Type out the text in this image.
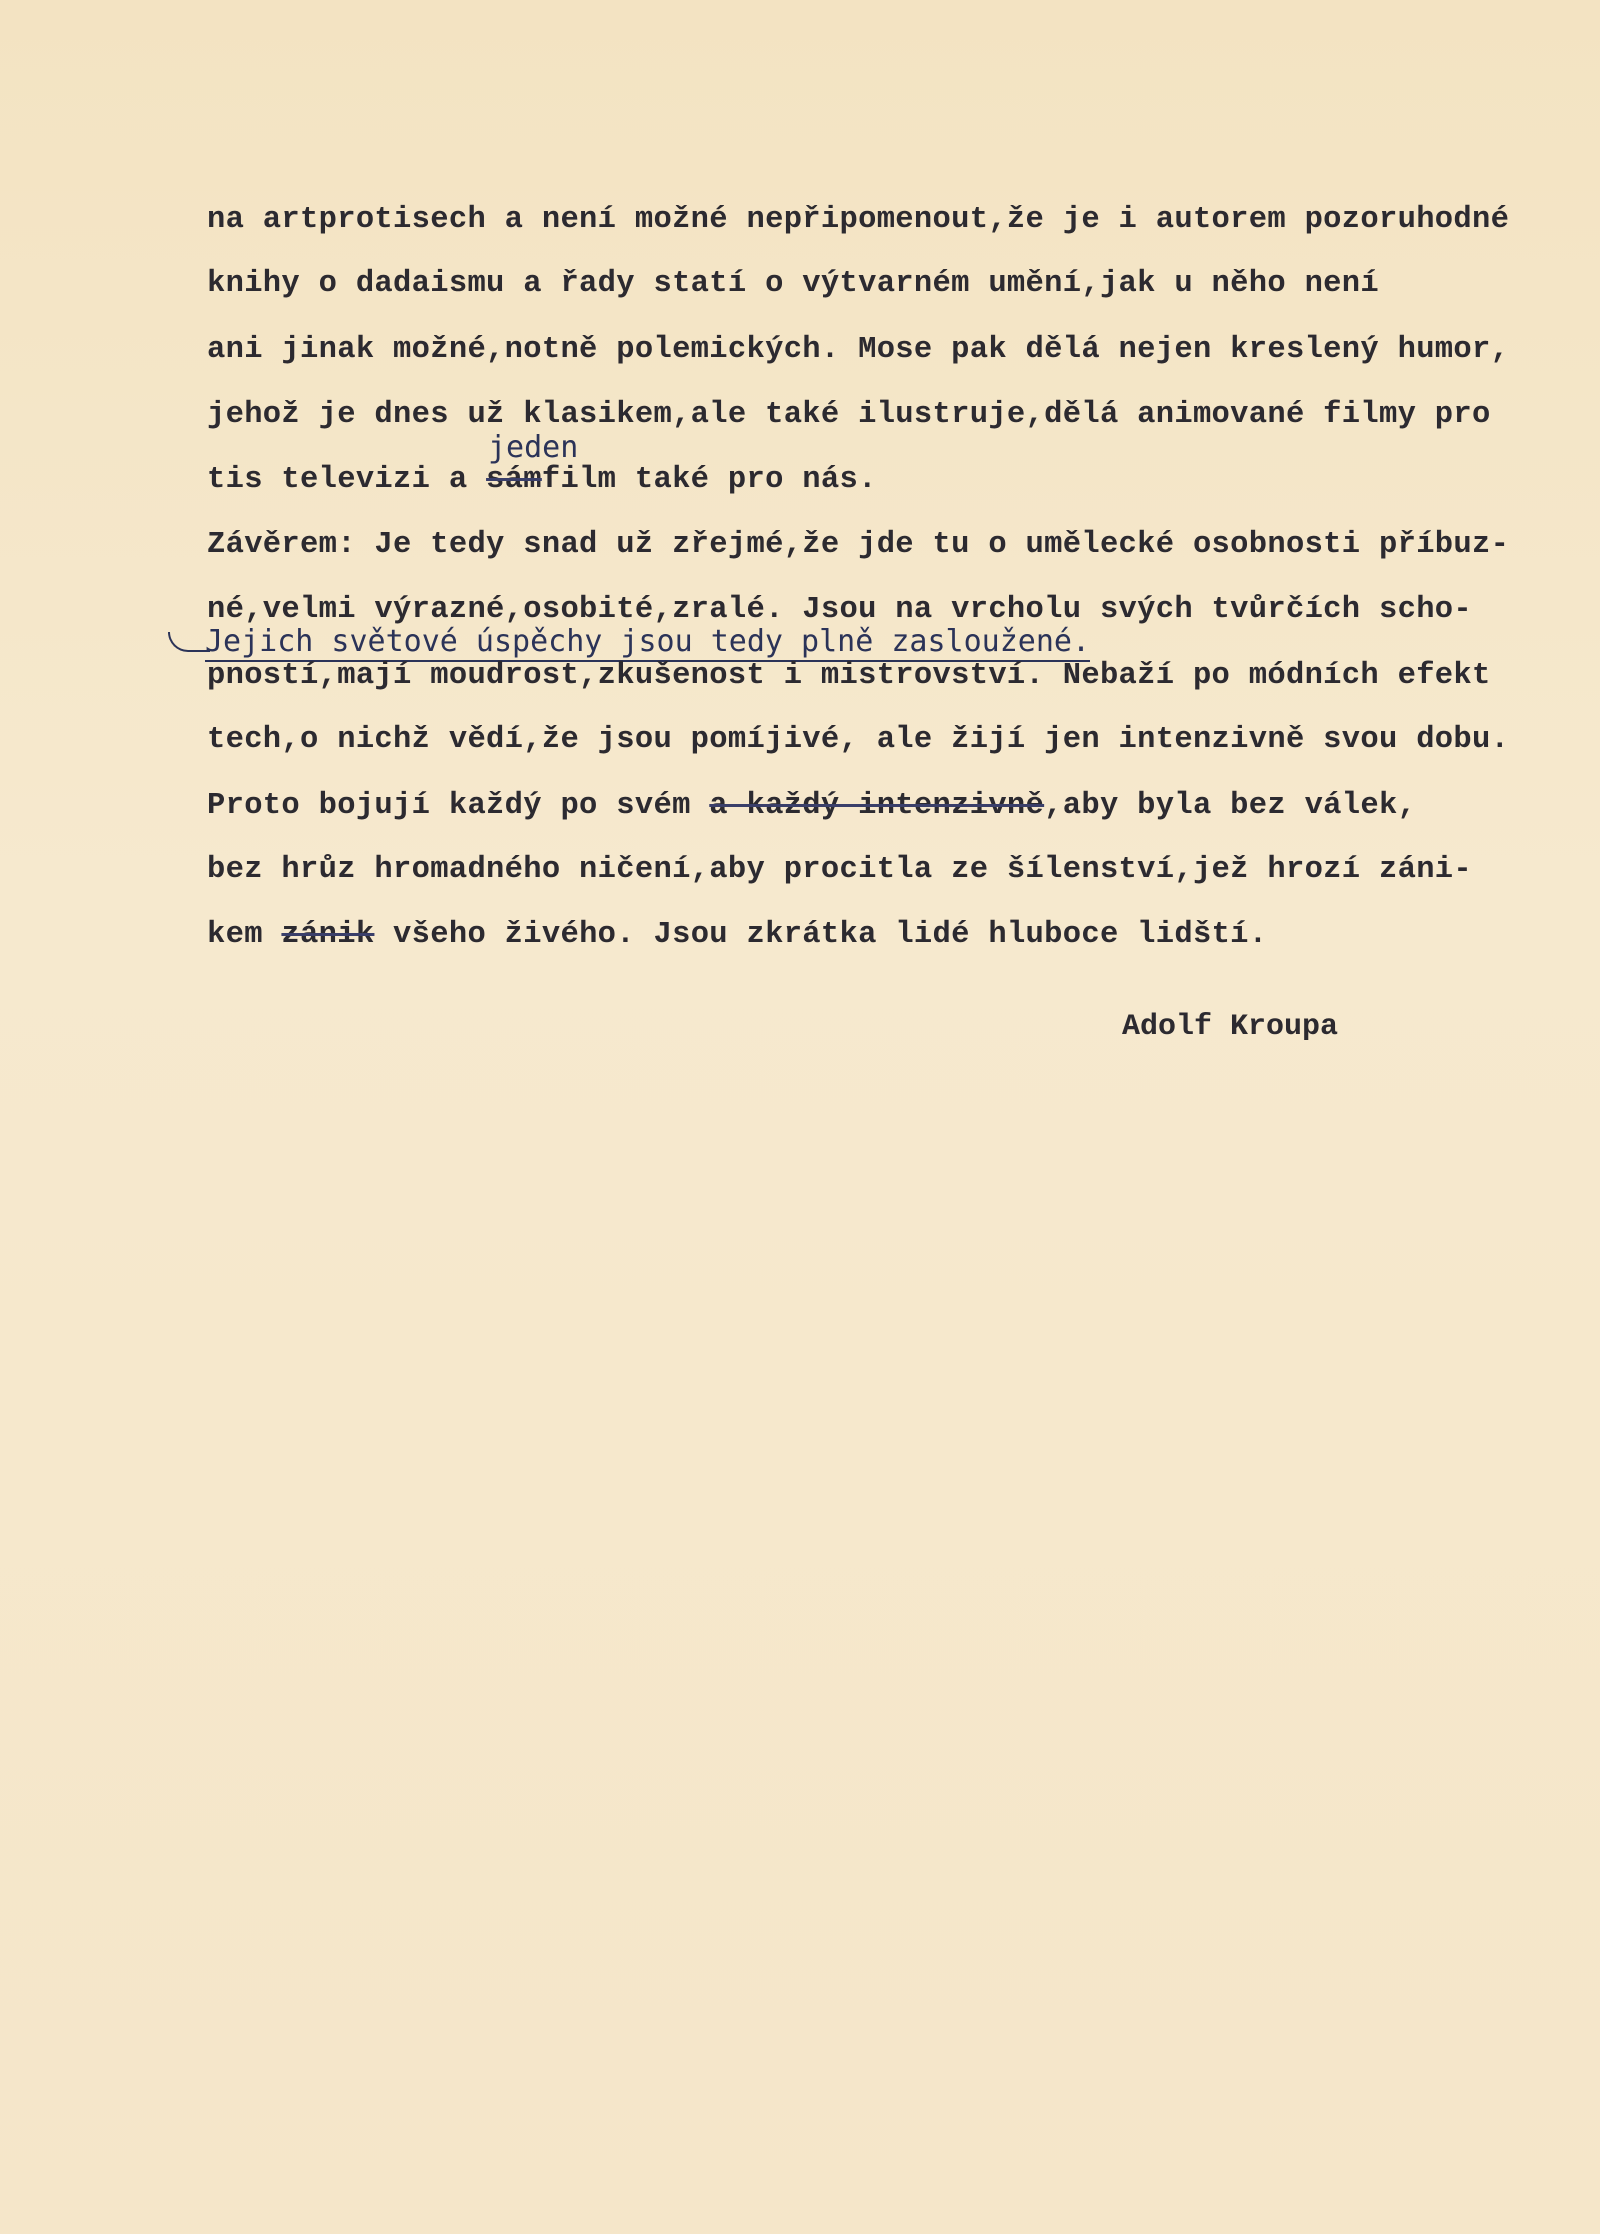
na artprotisech a není možné nepřipomenout,že je i autorem pozoruhodné
knihy o dadaismu a řady statí o výtvarném umění,jak u něho není
ani jinak možné,notně polemických. Mose pak dělá nejen kreslený humor,
jehož je dnes už klasikem,ale také ilustruje,dělá animované filmy pro
jeden
tis televizi a sámfilm také pro nás.
Závěrem: Je tedy snad už zřejmé,že jde tu o umělecké osobnosti příbuz-
né,velmi výrazné,osobité,zralé. Jsou na vrcholu svých tvůrčích scho-
Jejich světové úspěchy jsou tedy plně zasloužené.
pností,mají moudrost,zkušenost i mistrovství. Nebaží po módních efekt
tech,o nichž vědí,že jsou pomíjivé, ale žijí jen intenzivně svou dobu.
Proto bojují každý po svém a každý intenzivně,aby byla bez válek,
bez hrůz hromadného ničení,aby procitla ze šílenství,jež hrozí záni-
kem zánik všeho živého. Jsou zkrátka lidé hluboce lidští.
Adolf Kroupa
